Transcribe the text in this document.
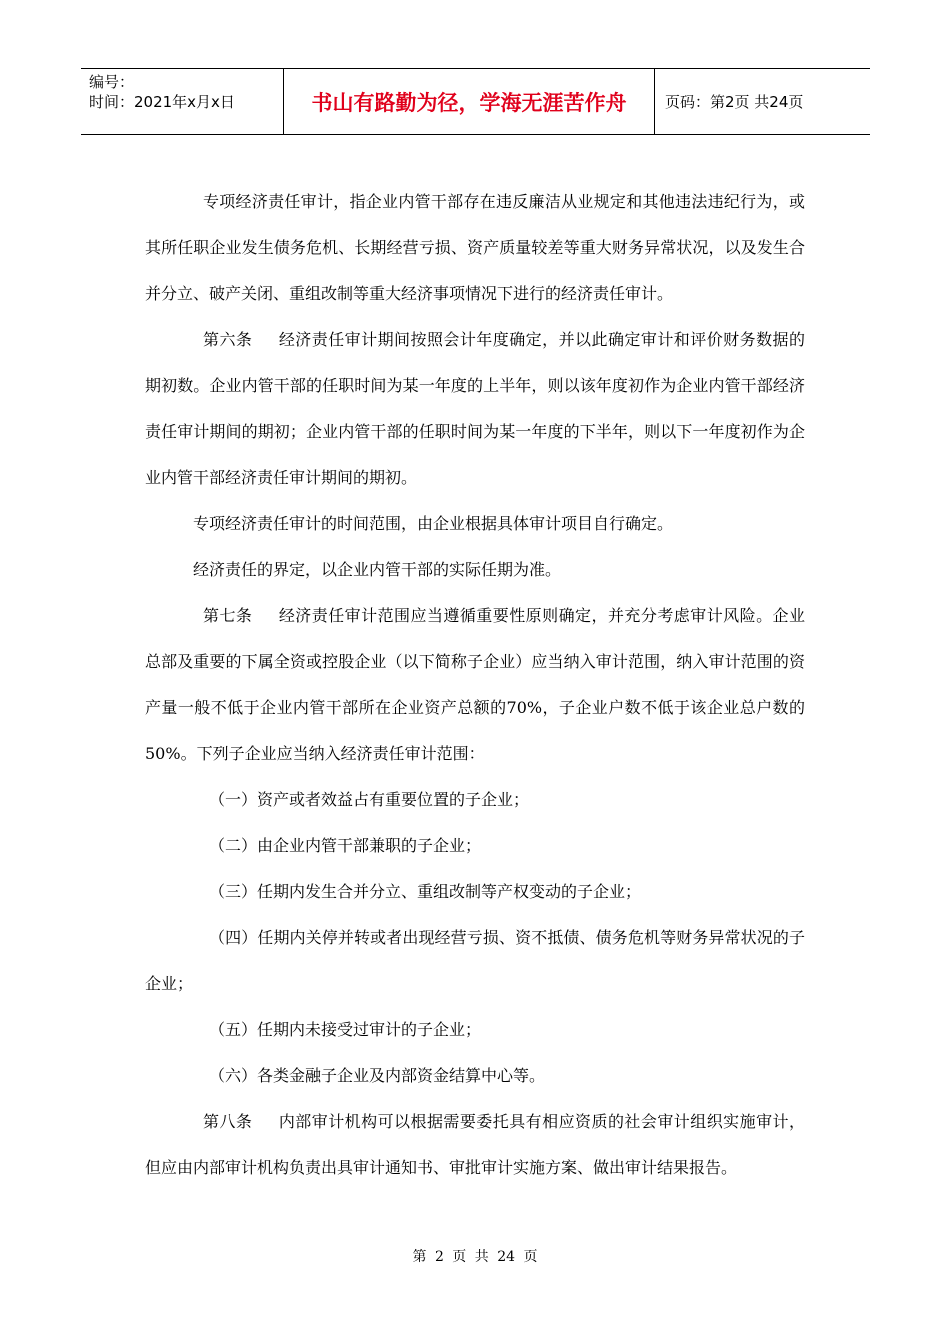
编号：
时间：2021年x月x日	书山有路勤为径，学海无涯苦作舟	页码：第2页 共24页

专项经济责任审计，指企业内管干部存在违反廉洁从业规定和其他违法违纪行为，或其所任职企业发生债务危机、长期经营亏损、资产质量较差等重大财务异常状况，以及发生合并分立、破产关闭、重组改制等重大经济事项情况下进行的经济责任审计。

第六条 经济责任审计期间按照会计年度确定，并以此确定审计和评价财务数据的期初数。企业内管干部的任职时间为某一年度的上半年，则以该年度初作为企业内管干部经济责任审计期间的期初；企业内管干部的任职时间为某一年度的下半年，则以下一年度初作为企业内管干部经济责任审计期间的期初。

专项经济责任审计的时间范围，由企业根据具体审计项目自行确定。

经济责任的界定，以企业内管干部的实际任期为准。

第七条 经济责任审计范围应当遵循重要性原则确定，并充分考虑审计风险。企业总部及重要的下属全资或控股企业（以下简称子企业）应当纳入审计范围，纳入审计范围的资产量一般不低于企业内管干部所在企业资产总额的70%，子企业户数不低于该企业总户数的50%。下列子企业应当纳入经济责任审计范围：

（一）资产或者效益占有重要位置的子企业；

（二）由企业内管干部兼职的子企业；

（三）任期内发生合并分立、重组改制等产权变动的子企业；

（四）任期内关停并转或者出现经营亏损、资不抵债、债务危机等财务异常状况的子企业；

（五）任期内未接受过审计的子企业；

（六）各类金融子企业及内部资金结算中心等。

第八条 内部审计机构可以根据需要委托具有相应资质的社会审计组织实施审计，但应由内部审计机构负责出具审计通知书、审批审计实施方案、做出审计结果报告。

第 2 页 共 24 页
